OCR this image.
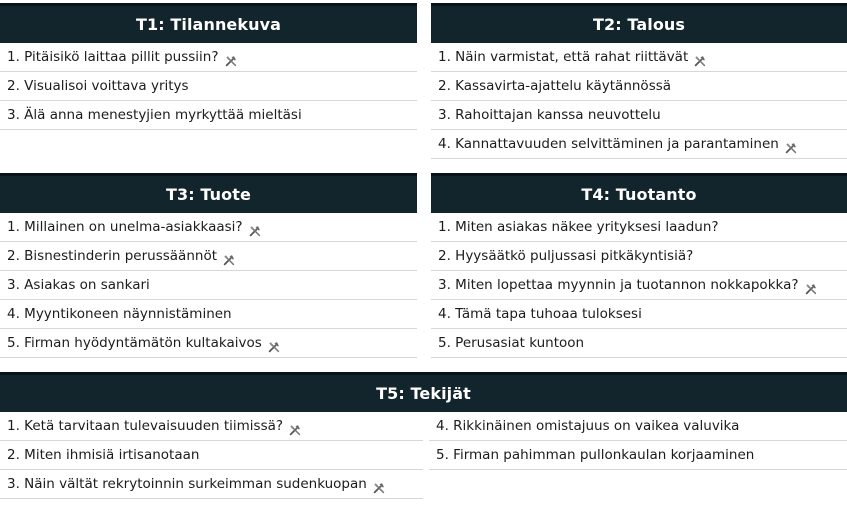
T1: Tilannekuva
1. Pitäisikö laittaa pillit pussiin?
2. Visualisoi voittava yritys
3. Älä anna menestyjien myrkyttää mieltäsi
T2: Talous
1. Näin varmistat, että rahat riittävät
2. Kassavirta-ajattelu käytännössä
3. Rahoittajan kanssa neuvottelu
4. Kannattavuuden selvittäminen ja parantaminen
T3: Tuote
1. Millainen on unelma-asiakkaasi?
2. Bisnestinderin perussäännöt
3. Asiakas on sankari
4. Myyntikoneen näynnistäminen
5. Firman hyödyntämätön kultakaivos
T4: Tuotanto
1. Miten asiakas näkee yrityksesi laadun?
2. Hyysäätkö puljussasi pitkäkyntisiä?
3. Miten lopettaa myynnin ja tuotannon nokkapokka?
4. Tämä tapa tuhoaa tuloksesi
5. Perusasiat kuntoon
T5: Tekijät
1. Ketä tarvitaan tulevaisuuden tiimissä?
2. Miten ihmisiä irtisanotaan
3. Näin vältät rekrytoinnin surkeimman sudenkuopan
4. Rikkinäinen omistajuus on vaikea valuvika
5. Firman pahimman pullonkaulan korjaaminen
